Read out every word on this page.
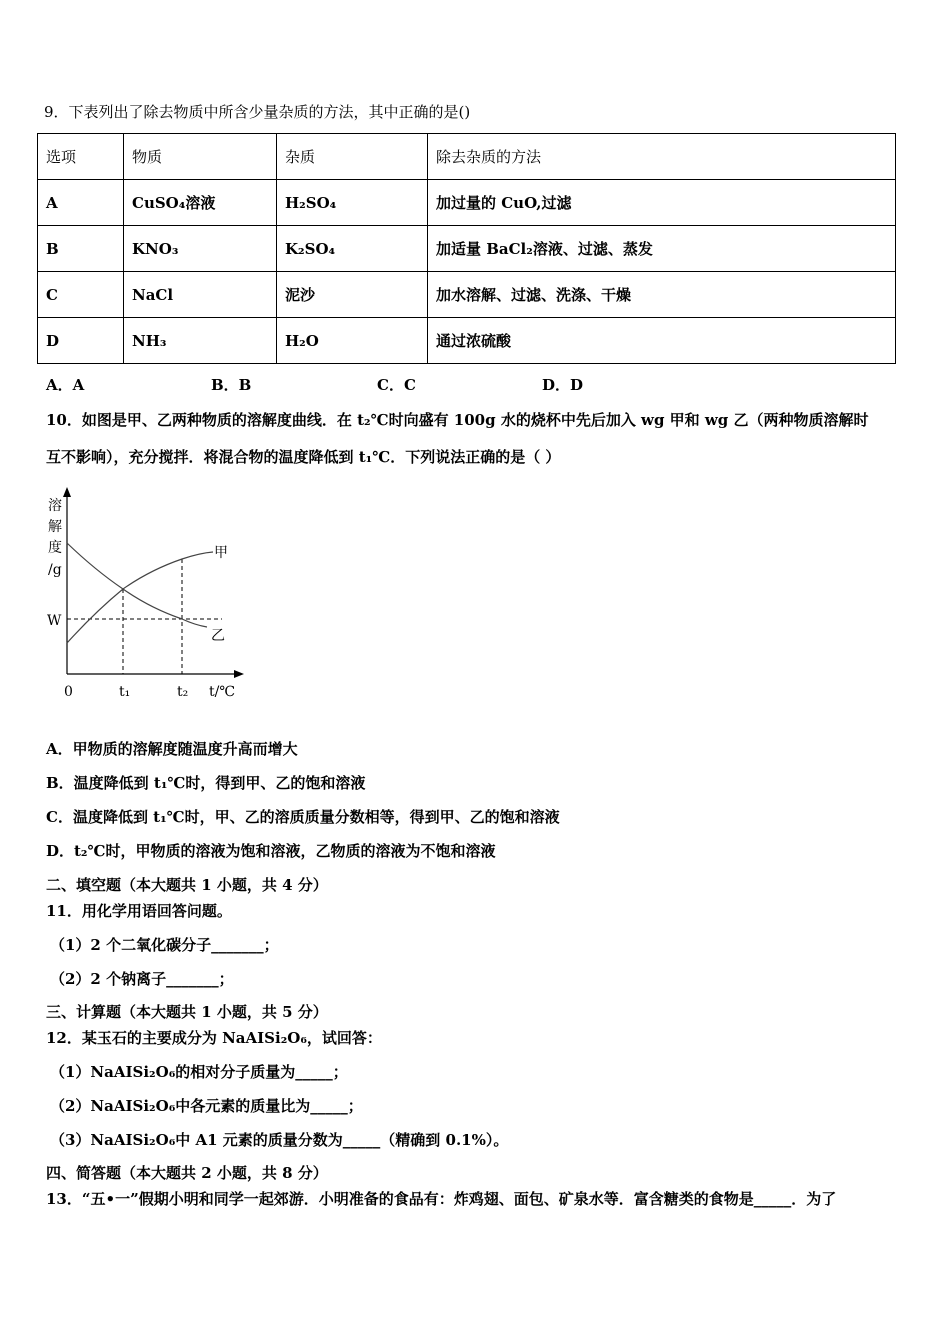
9．下表列出了除去物质中所含少量杂质的方法，其中正确的是()
选项	物质	杂质	除去杂质的方法
A	CuSO₄溶液	H₂SO₄	加过量的 CuO,过滤
B	KNO₃	K₂SO₄	加适量 BaCl₂溶液、过滤、蒸发
C	NaCl	泥沙	加水溶解、过滤、洗涤、干燥
D	NH₃	H₂O	通过浓硫酸
A．A	B．B	C．C	D．D
10．如图是甲、乙两种物质的溶解度曲线．在 t₂℃时向盛有 100g 水的烧杯中先后加入 wg 甲和 wg 乙（两种物质溶解时
互不影响），充分搅拌．将混合物的温度降低到 t₁℃．下列说法正确的是（ ）
溶
解
度
/g
W
0	t₁	t₂ t/℃
甲
乙
A．甲物质的溶解度随温度升高而增大
B．温度降低到 t₁℃时，得到甲、乙的饱和溶液
C．温度降低到 t₁℃时，甲、乙的溶质质量分数相等，得到甲、乙的饱和溶液
D．t₂℃时，甲物质的溶液为饱和溶液，乙物质的溶液为不饱和溶液
二、填空题（本大题共 1 小题，共 4 分）
11．用化学用语回答问题。
（1）2 个二氧化碳分子_______；
（2）2 个钠离子_______；
三、计算题（本大题共 1 小题，共 5 分）
12．某玉石的主要成分为 NaAISi₂O₆，试回答：
（1）NaAISi₂O₆的相对分子质量为_____；
（2）NaAISi₂O₆中各元素的质量比为_____；
（3）NaAISi₂O₆中 A1 元素的质量分数为_____（精确到 0.1%）。
四、简答题（本大题共 2 小题，共 8 分）
13．“五•一”假期小明和同学一起郊游．小明准备的食品有：炸鸡翅、面包、矿泉水等．富含糖类的食物是_____．为了
